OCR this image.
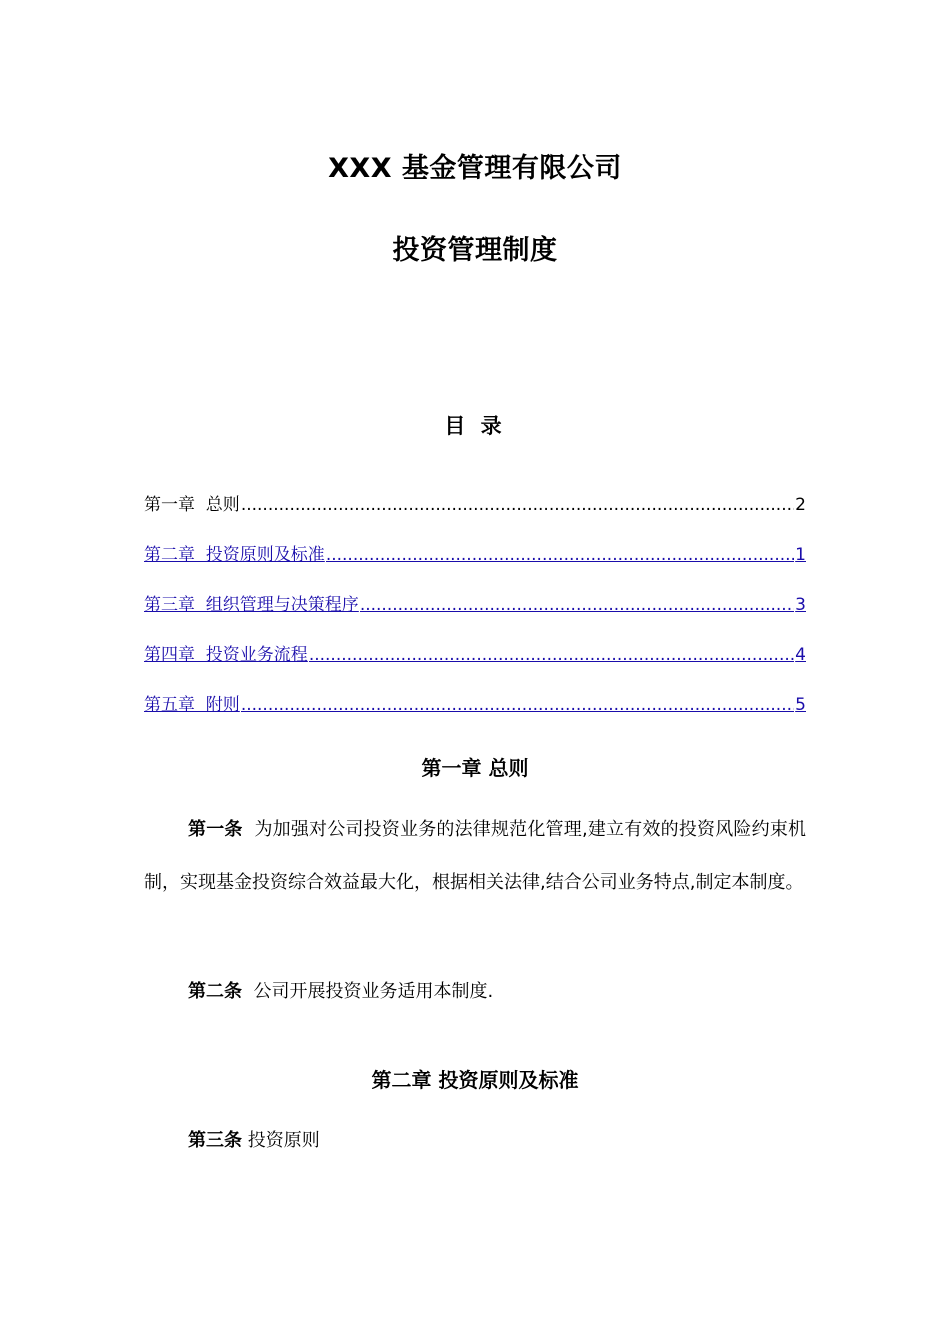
XXX 基金管理有限公司
投资管理制度
目 录
第一章  总则 .....	2
第二章  投资原则及标准 .....	1
第三章  组织管理与决策程序 .....	3
第四章  投资业务流程 .....	4
第五章  附则 .....	5
第一章 总则
第一条 为加强对公司投资业务的法律规范化管理,建立有效的投资风险约束机制，实现基金投资综合效益最大化，根据相关法律,结合公司业务特点,制定本制度。
第二条 公司开展投资业务适用本制度.
第二章 投资原则及标准
第三条 投资原则
